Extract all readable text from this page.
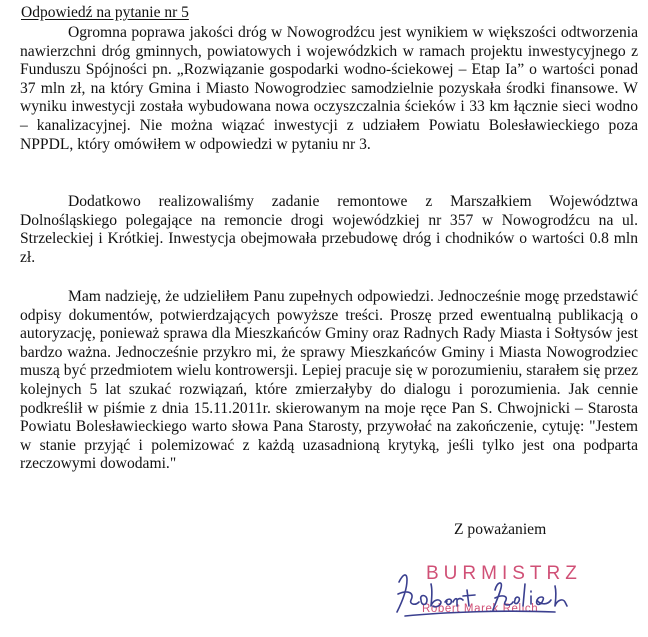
Odpowiedź na pytanie nr 5

Ogromna poprawa jakości dróg w Nowogrodźcu jest wynikiem w większości odtworzenia nawierzchni dróg gminnych, powiatowych i wojewódzkich w ramach projektu inwestycyjnego z Funduszu Spójności pn. „Rozwiązanie gospodarki wodno-ściekowej – Etap Ia” o wartości ponad 37 mln zł, na który Gmina i Miasto Nowogrodziec samodzielnie pozyskała środki finansowe. W wyniku inwestycji została wybudowana nowa oczyszczalnia ścieków i 33 km łącznie sieci wodno – kanalizacyjnej. Nie można wiązać inwestycji z udziałem Powiatu Bolesławieckiego poza NPPDL, który omówiłem w odpowiedzi w pytaniu nr 3.

Dodatkowo realizowaliśmy zadanie remontowe z Marszałkiem Województwa Dolnośląskiego polegające na remoncie drogi wojewódzkiej nr 357 w Nowogrodźcu na ul. Strzeleckiej i Krótkiej. Inwestycja obejmowała przebudowę dróg i chodników o wartości 0.8 mln zł.

Mam nadzieję, że udzieliłem Panu zupełnych odpowiedzi. Jednocześnie mogę przedstawić odpisy dokumentów, potwierdzających powyższe treści. Proszę przed ewentualną publikacją o autoryzację, ponieważ sprawa dla Mieszkańców Gminy oraz Radnych Rady Miasta i Sołtysów jest bardzo ważna. Jednocześnie przykro mi, że sprawy Mieszkańców Gminy i Miasta Nowogrodziec muszą być przedmiotem wielu kontrowersji. Lepiej pracuje się w porozumieniu, starałem się przez kolejnych 5 lat szukać rozwiązań, które zmierzałyby do dialogu i porozumienia. Jak cennie podkreślił w piśmie z dnia 15.11.2011r. skierowanym na moje ręce Pan S. Chwojnicki – Starosta Powiatu Bolesławieckiego warto słowa Pana Starosty, przywołać na zakończenie, cytuję: "Jestem w stanie przyjąć i polemizować z każdą uzasadnioną krytyką, jeśli tylko jest ona podparta rzeczowymi dowodami."

Z poważaniem
BURMISTRZ
Robert Marek Relich
